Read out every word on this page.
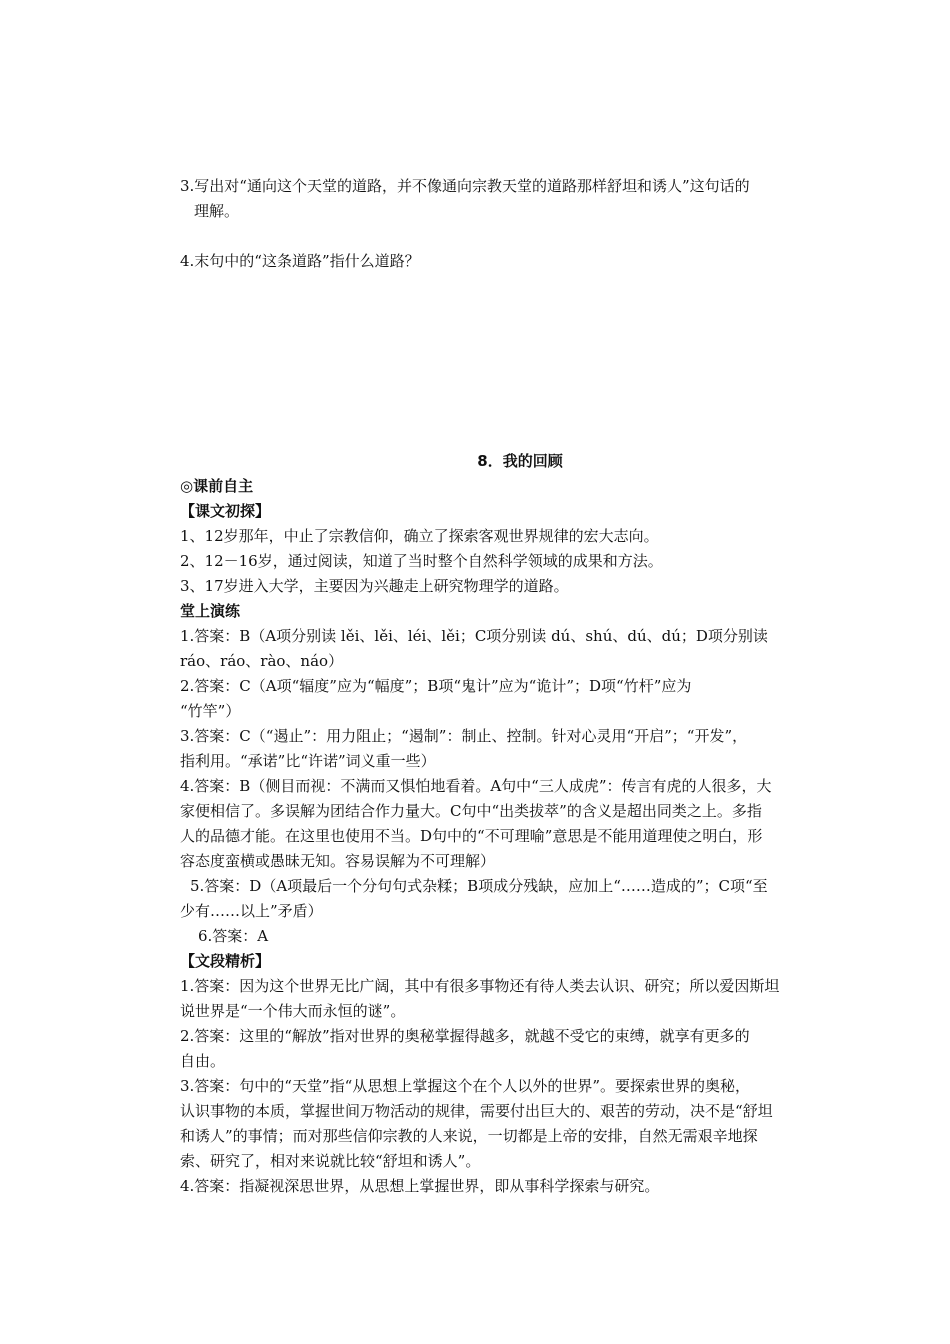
3.写出对“通向这个天堂的道路，并不像通向宗教天堂的道路那样舒坦和诱人”这句话的
理解。
4.末句中的“这条道路”指什么道路？
8．我的回顾
◎课前自主
【课文初探】
1、12岁那年，中止了宗教信仰，确立了探索客观世界规律的宏大志向。
2、12－16岁，通过阅读，知道了当时整个自然科学领域的成果和方法。
3、17岁进入大学，主要因为兴趣走上研究物理学的道路。
堂上演练
1.答案：B（A项分别读 lěi、lěi、léi、lěi；C项分别读 dú、shú、dú、dú；D项分别读
ráo、ráo、rào、náo）
2.答案：C（A项“辐度”应为“幅度”；B项“鬼计”应为“诡计”；D项“竹杆”应为
“竹竿”）
3.答案：C（“遏止”：用力阻止；“遏制”：制止、控制。针对心灵用“开启”；“开发”，
指利用。“承诺”比“许诺”词义重一些）
4.答案：B（侧目而视：不满而又惧怕地看着。A句中“三人成虎”：传言有虎的人很多，大
家便相信了。多误解为团结合作力量大。C句中“出类拔萃”的含义是超出同类之上。多指
人的品德才能。在这里也使用不当。D句中的“不可理喻”意思是不能用道理使之明白，形
容态度蛮横或愚昧无知。容易误解为不可理解）
5.答案：D（A项最后一个分句句式杂糅；B项成分残缺，应加上“……造成的”；C项“至
少有……以上”矛盾）
6.答案：A
【文段精析】
1.答案：因为这个世界无比广阔，其中有很多事物还有待人类去认识、研究；所以爱因斯坦
说世界是“一个伟大而永恒的谜”。
2.答案：这里的“解放”指对世界的奥秘掌握得越多，就越不受它的束缚，就享有更多的
自由。
3.答案：句中的“天堂”指“从思想上掌握这个在个人以外的世界”。要探索世界的奥秘，
认识事物的本质，掌握世间万物活动的规律，需要付出巨大的、艰苦的劳动，决不是“舒坦
和诱人”的事情；而对那些信仰宗教的人来说，一切都是上帝的安排，自然无需艰辛地探
索、研究了，相对来说就比较“舒坦和诱人”。
4.答案：指凝视深思世界，从思想上掌握世界，即从事科学探索与研究。
